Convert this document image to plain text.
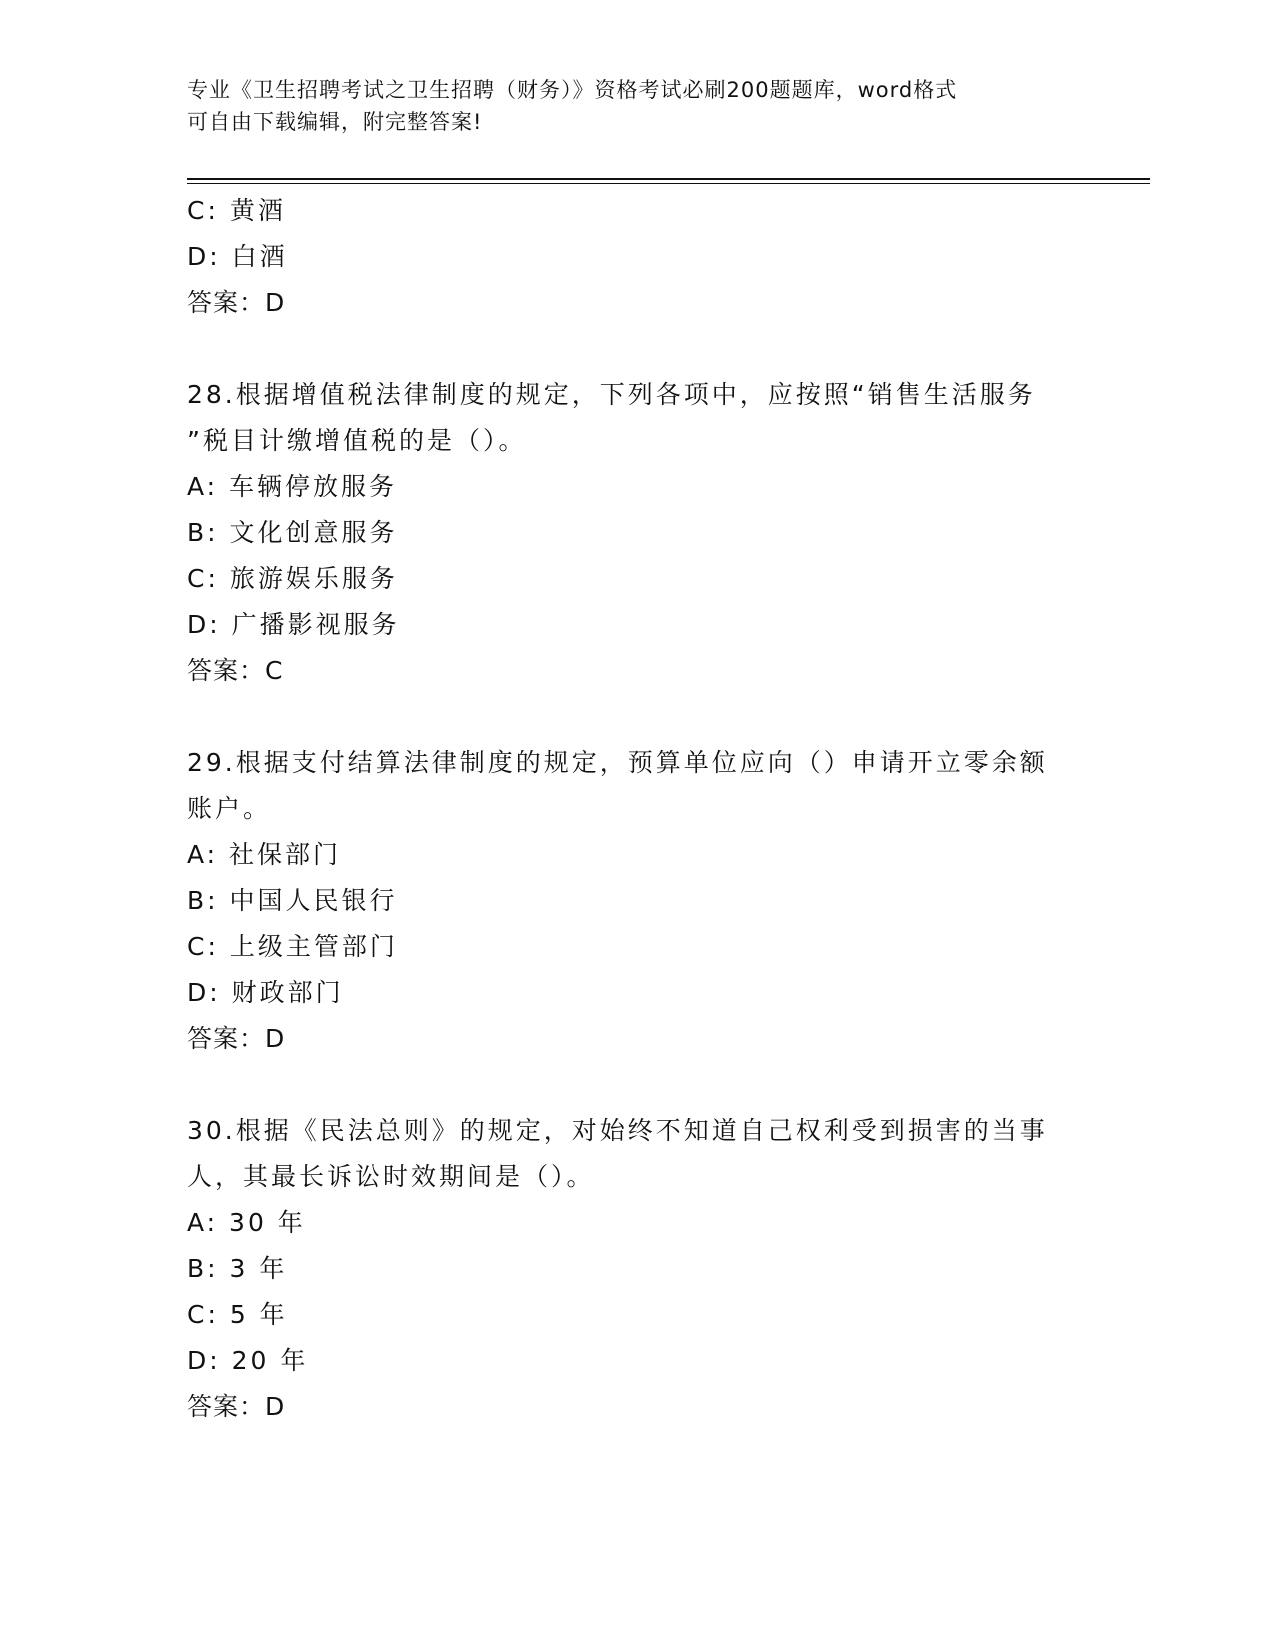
专业《卫生招聘考试之卫生招聘（财务）》资格考试必刷200题题库，word格式
可自由下载编辑，附完整答案!
C: 黄酒
D: 白酒
答案：D
28.根据增值税法律制度的规定，下列各项中，应按照“销售生活服务
”税目计缴增值税的是（）。
A: 车辆停放服务
B: 文化创意服务
C: 旅游娱乐服务
D: 广播影视服务
答案：C
29.根据支付结算法律制度的规定，预算单位应向（）申请开立零余额
账户。
A: 社保部门
B: 中国人民银行
C: 上级主管部门
D: 财政部门
答案：D
30.根据《民法总则》的规定，对始终不知道自己权利受到损害的当事
人，其最长诉讼时效期间是（）。
A: 30 年
B: 3 年
C: 5 年
D: 20 年
答案：D
